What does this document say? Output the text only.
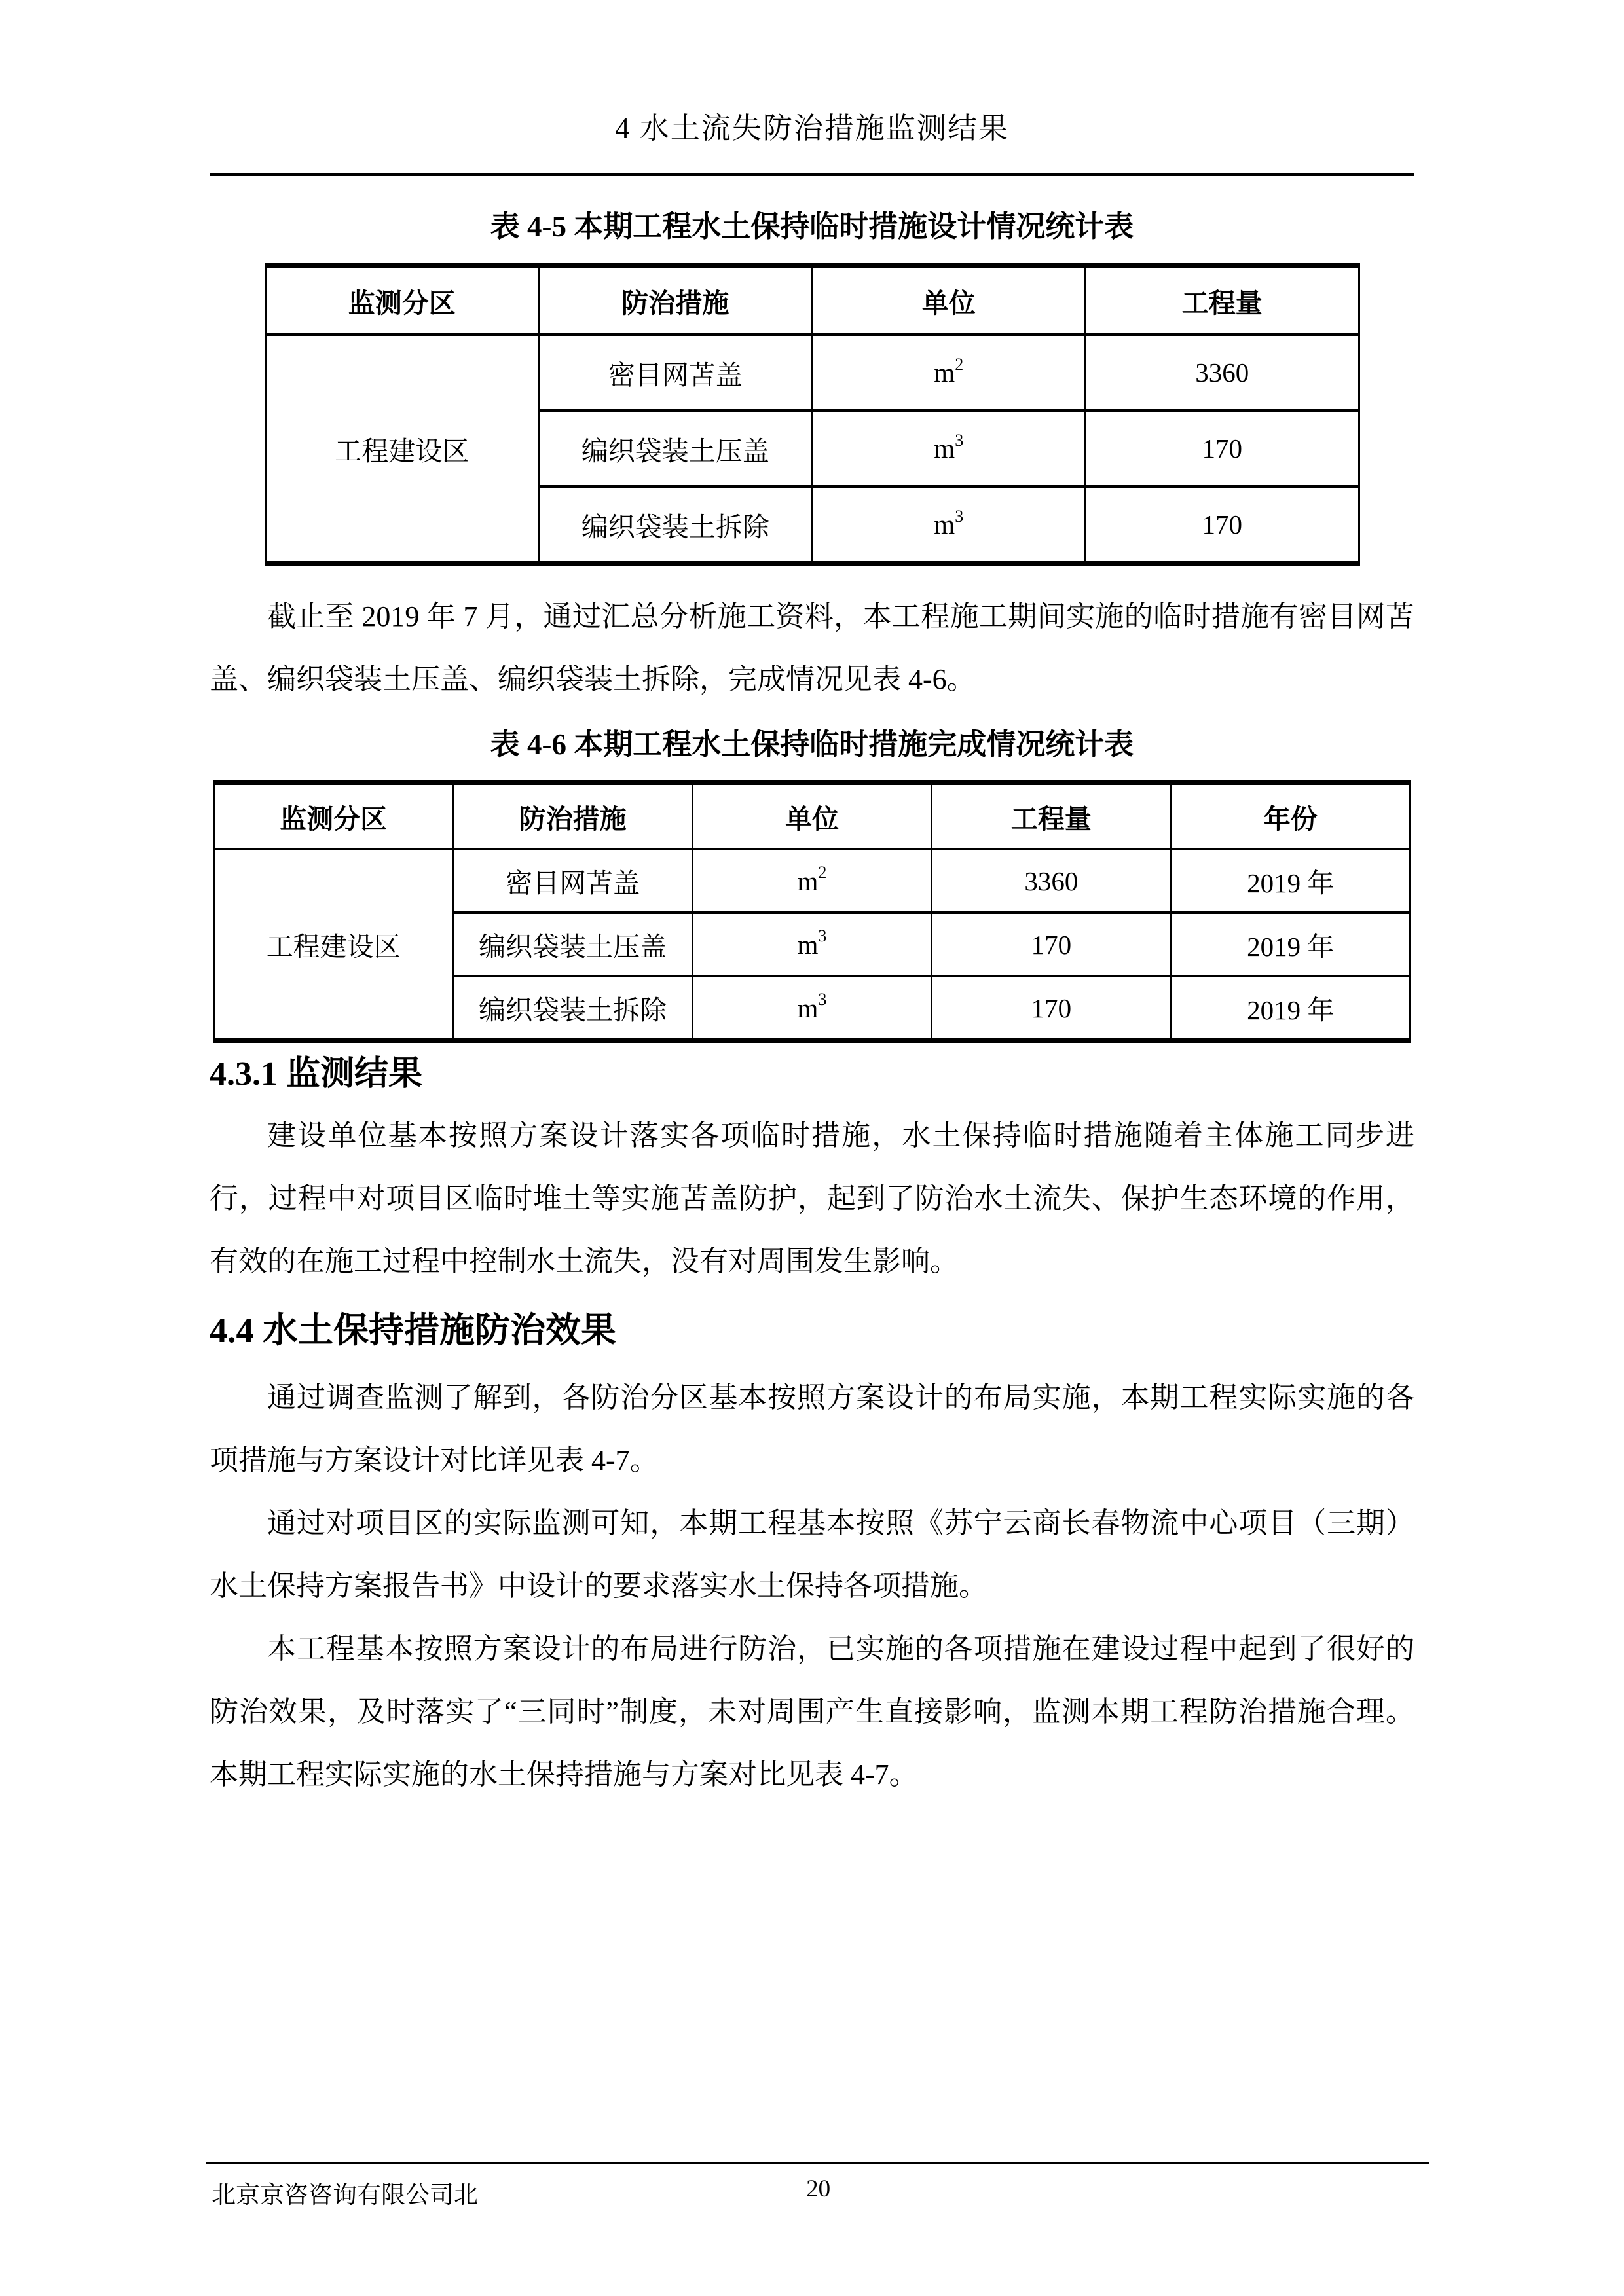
4 水土流失防治措施监测结果
表 4-5 本期工程水土保持临时措施设计情况统计表
监测分区	防治措施	单位	工程量
工程建设区	密目网苫盖	$m^2$	3360
	编织袋装土压盖	$m^3$	170
	编织袋装土拆除	$m^3$	170

截止至 2019 年 7 月，通过汇总分析施工资料，本工程施工期间实施的临时措施有密目网苫盖、编织袋装土压盖、编织袋装土拆除，完成情况见表 4-6。

表 4-6 本期工程水土保持临时措施完成情况统计表
监测分区	防治措施	单位	工程量	年份
工程建设区	密目网苫盖	$m^2$	3360	2019 年
	编织袋装土压盖	$m^3$	170	2019 年
	编织袋装土拆除	$m^3$	170	2019 年
4.3.1 监测结果

建设单位基本按照方案设计落实各项临时措施，水土保持临时措施随着主体施工同步进行，过程中对项目区临时堆土等实施苫盖防护，起到了防治水土流失、保护生态环境的作用，有效的在施工过程中控制水土流失，没有对周围发生影响。

4.4 水土保持措施防治效果

通过调查监测了解到，各防治分区基本按照方案设计的布局实施，本期工程实际实施的各项措施与方案设计对比详见表 4-7。

通过对项目区的实际监测可知，本期工程基本按照《苏宁云商长春物流中心项目（三期）水土保持方案报告书》中设计的要求落实水土保持各项措施。

本工程基本按照方案设计的布局进行防治，已实施的各项措施在建设过程中起到了很好的防治效果，及时落实了“三同时”制度，未对周围产生直接影响，监测本期工程防治措施合理。本期工程实际实施的水土保持措施与方案对比见表 4-7。

北京京咨咨询有限公司北	20
